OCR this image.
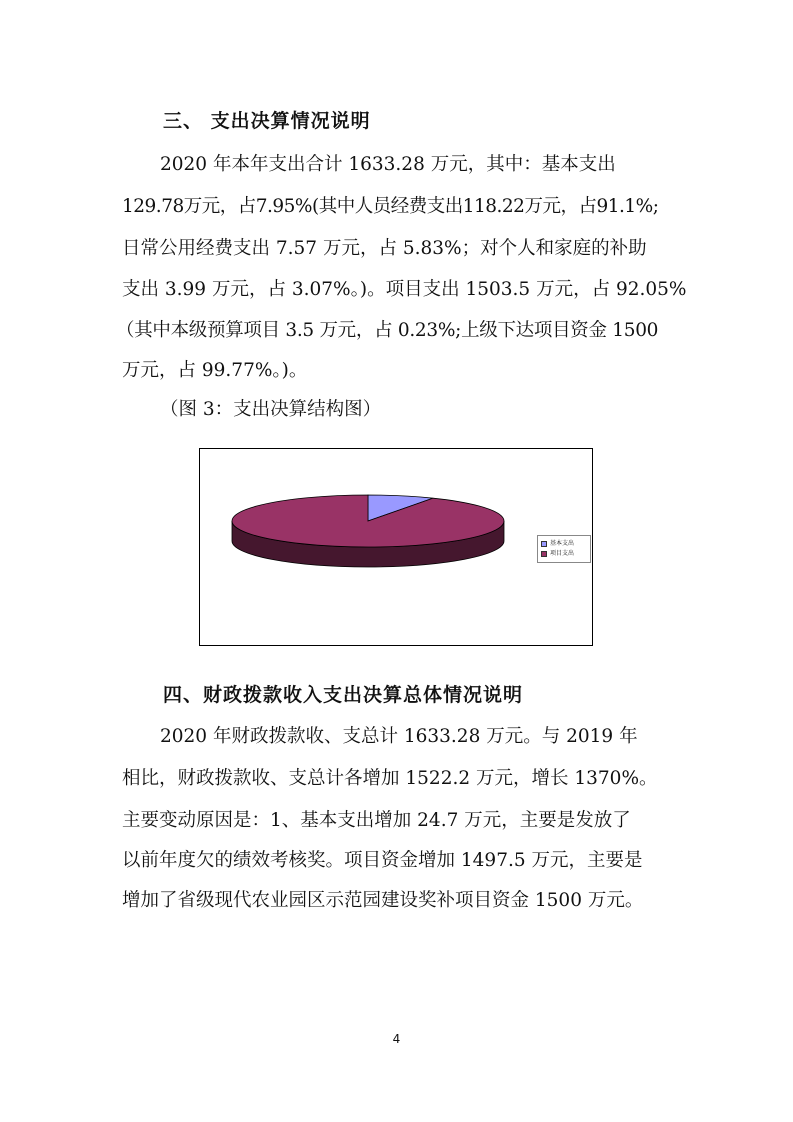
三、 支出决算情况说明
2020 年本年支出合计 1633.28 万元，其中：基本支出
129.78万元，占7.95%(其中人员经费支出118.22万元，占91.1%;
日常公用经费支出 7.57 万元，占 5.83%；对个人和家庭的补助
支出 3.99 万元，占 3.07%。)。项目支出 1503.5 万元，占 92.05%
（其中本级预算项目 3.5 万元，占 0.23%;上级下达项目资金 1500
万元，占 99.77%。)。
（图 3：支出决算结构图）
基本支出
项目支出
四、财政拨款收入支出决算总体情况说明
2020 年财政拨款收、支总计 1633.28 万元。与 2019 年
相比，财政拨款收、支总计各增加 1522.2 万元，增长 1370%。
主要变动原因是：1、基本支出增加 24.7 万元，主要是发放了
以前年度欠的绩效考核奖。项目资金增加 1497.5 万元，主要是
增加了省级现代农业园区示范园建设奖补项目资金 1500 万元。
4
